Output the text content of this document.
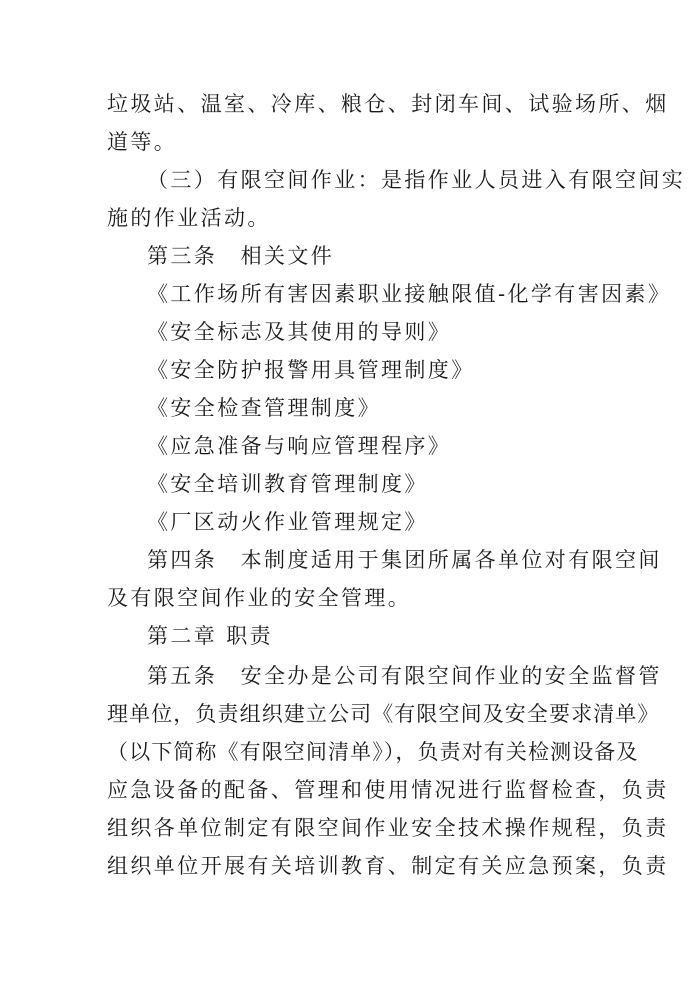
垃圾站、温室、冷库、粮仓、封闭车间、试验场所、烟
道等。
（三）有限空间作业：是指作业人员进入有限空间实
施的作业活动。
第三条　相关文件
《工作场所有害因素职业接触限值-化学有害因素》
《安全标志及其使用的导则》
《安全防护报警用具管理制度》
《安全检查管理制度》
《应急准备与响应管理程序》
《安全培训教育管理制度》
《厂区动火作业管理规定》
第四条　本制度适用于集团所属各单位对有限空间
及有限空间作业的安全管理。
第二章 职责
第五条　安全办是公司有限空间作业的安全监督管
理单位，负责组织建立公司《有限空间及安全要求清单》
（以下简称《有限空间清单》），负责对有关检测设备及
应急设备的配备、管理和使用情况进行监督检查，负责
组织各单位制定有限空间作业安全技术操作规程，负责
组织单位开展有关培训教育、制定有关应急预案，负责
